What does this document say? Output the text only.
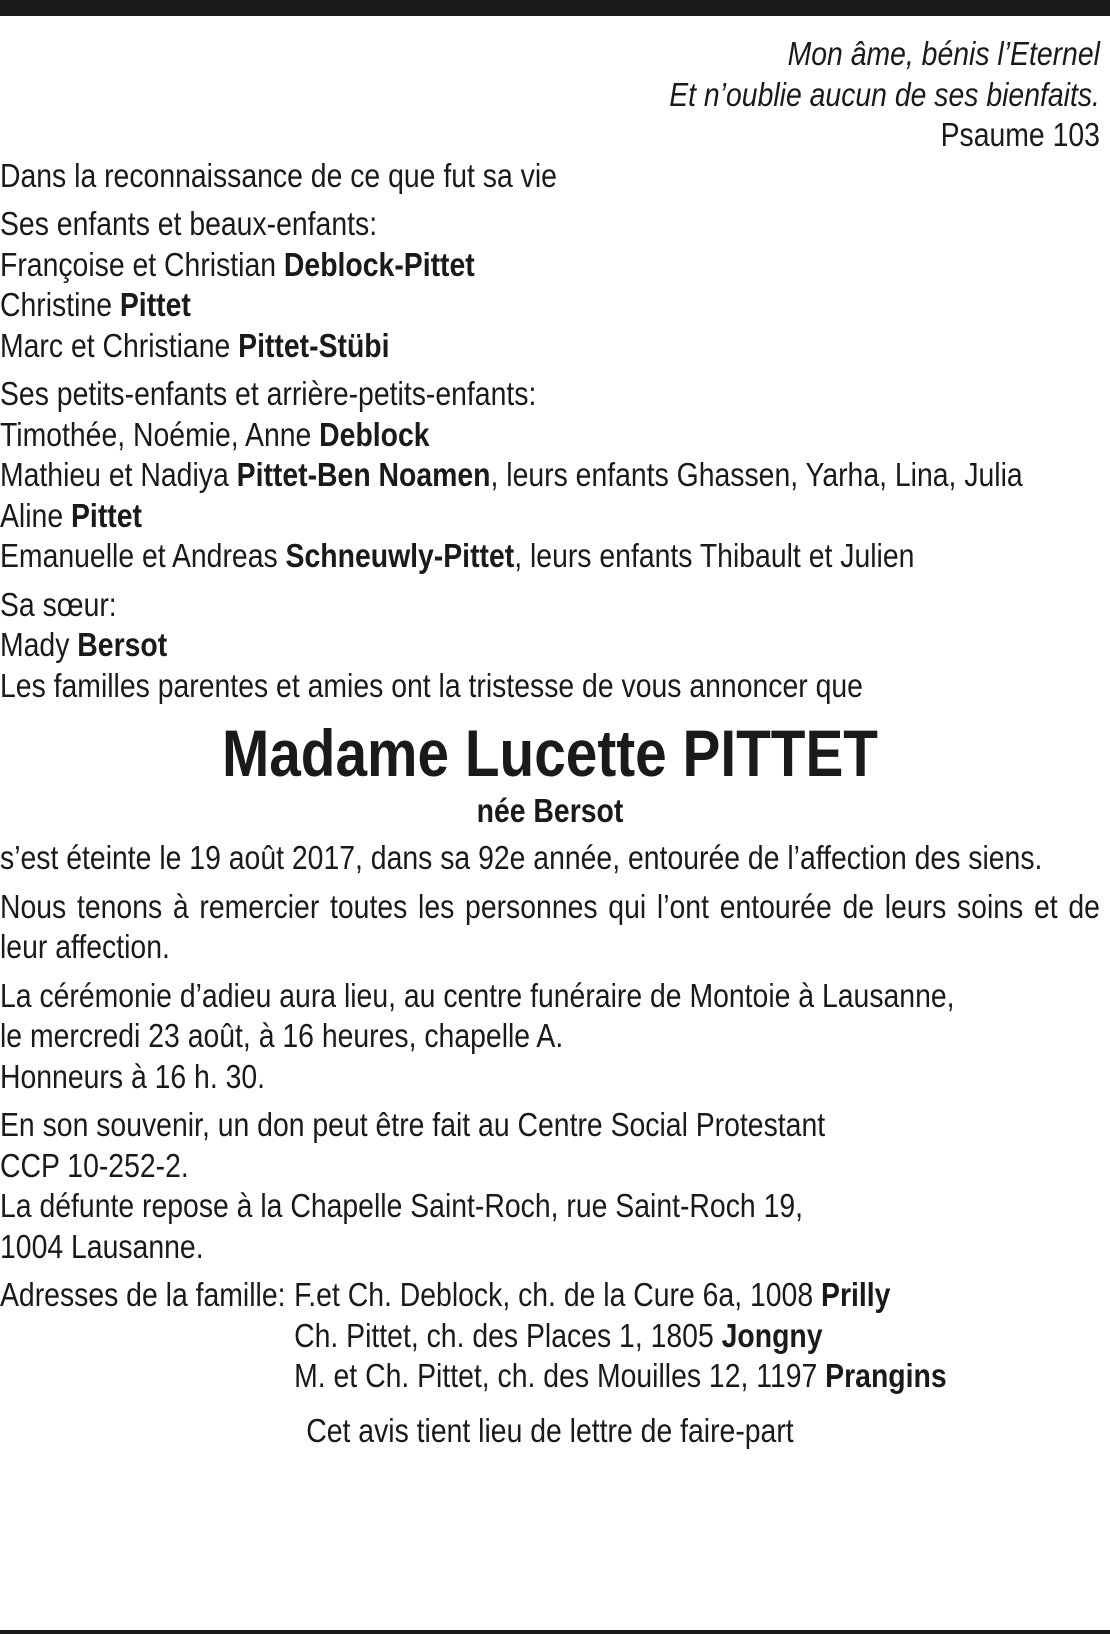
Mon âme, bénis l’Eternel
Et n’oublie aucun de ses bienfaits.
Psaume 103
Dans la reconnaissance de ce que fut sa vie
Ses enfants et beaux-enfants:
Françoise et Christian Deblock-Pittet
Christine Pittet
Marc et Christiane Pittet-Stübi
Ses petits-enfants et arrière-petits-enfants:
Timothée, Noémie, Anne Deblock
Mathieu et Nadiya Pittet-Ben Noamen, leurs enfants Ghassen, Yarha, Lina, Julia
Aline Pittet
Emanuelle et Andreas Schneuwly-Pittet, leurs enfants Thibault et Julien
Sa sœur:
Mady Bersot
Les familles parentes et amies ont la tristesse de vous annoncer que
Madame Lucette PITTET
née Bersot
s’est éteinte le 19 août 2017, dans sa 92e année, entourée de l’affection des siens.
Nous tenons à remercier toutes les personnes qui l’ont entourée de leurs soins et de leur affection.
La cérémonie d’adieu aura lieu, au centre funéraire de Montoie à Lausanne,
le mercredi 23 août, à 16 heures, chapelle A.
Honneurs à 16 h. 30.
En son souvenir, un don peut être fait au Centre Social Protestant
CCP 10-252-2.
La défunte repose à la Chapelle Saint-Roch, rue Saint-Roch 19,
1004 Lausanne.
Adresses de la famille: F.et Ch. Deblock, ch. de la Cure 6a, 1008 Prilly
Ch. Pittet, ch. des Places 1, 1805 Jongny
M. et Ch. Pittet, ch. des Mouilles 12, 1197 Prangins
Cet avis tient lieu de lettre de faire-part
